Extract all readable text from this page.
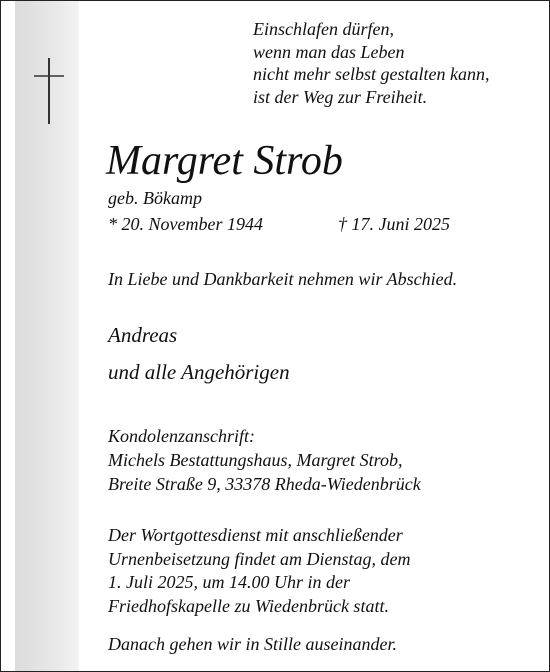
Einschlafen dürfen,
wenn man das Leben
nicht mehr selbst gestalten kann,
ist der Weg zur Freiheit.
Margret Strob
geb. Bökamp
* 20. November 1944	† 17. Juni 2025
In Liebe und Dankbarkeit nehmen wir Abschied.
Andreas
und alle Angehörigen
Kondolenzanschrift:
Michels Bestattungshaus, Margret Strob,
Breite Straße 9, 33378 Rheda-Wiedenbrück
Der Wortgottesdienst mit anschließender
Urnenbeisetzung findet am Dienstag, dem
1. Juli 2025, um 14.00 Uhr in der
Friedhofskapelle zu Wiedenbrück statt.
Danach gehen wir in Stille auseinander.
